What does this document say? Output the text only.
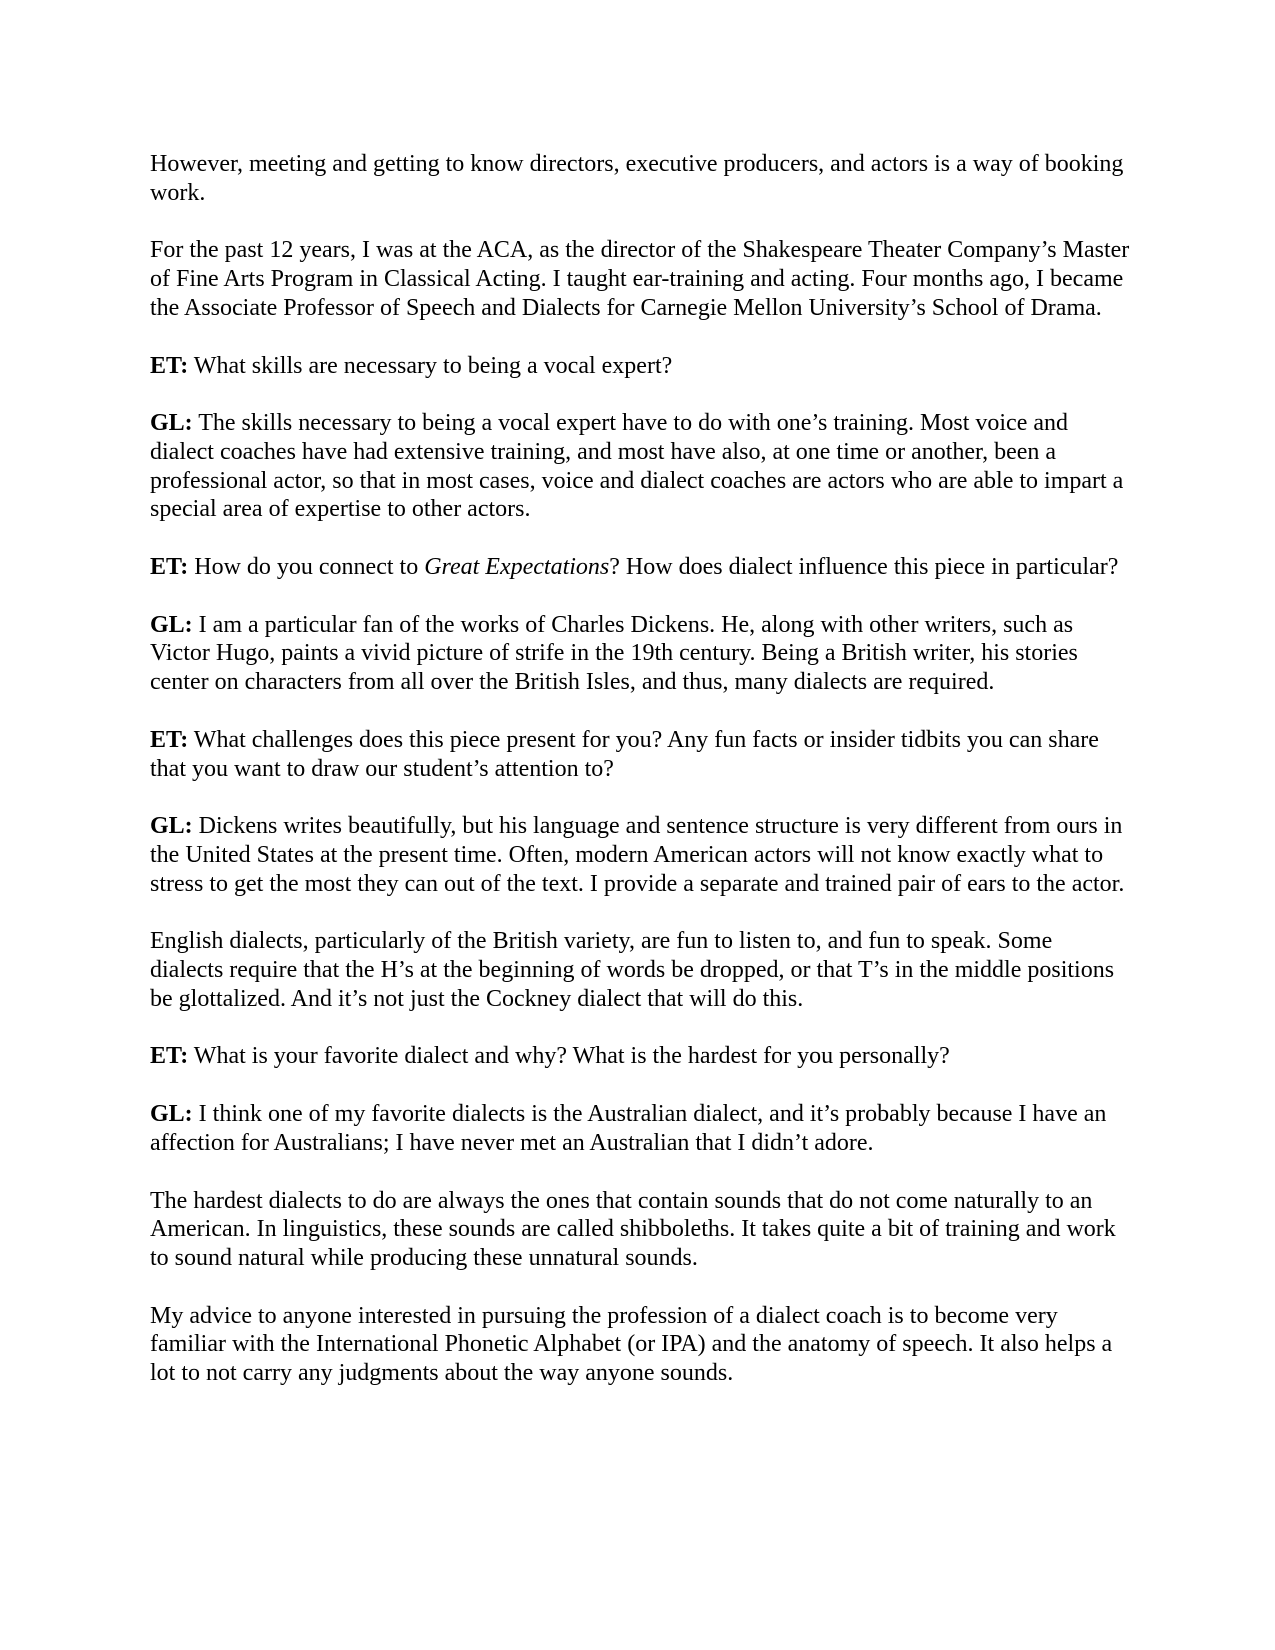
However, meeting and getting to know directors, executive producers, and actors is a way of booking work.

For the past 12 years, I was at the ACA, as the director of the Shakespeare Theater Company’s Master of Fine Arts Program in Classical Acting. I taught ear-training and acting. Four months ago, I became the Associate Professor of Speech and Dialects for Carnegie Mellon University’s School of Drama.

ET: What skills are necessary to being a vocal expert?

GL: The skills necessary to being a vocal expert have to do with one’s training. Most voice and dialect coaches have had extensive training, and most have also, at one time or another, been a professional actor, so that in most cases, voice and dialect coaches are actors who are able to impart a special area of expertise to other actors.

ET: How do you connect to Great Expectations? How does dialect influence this piece in particular?

GL: I am a particular fan of the works of Charles Dickens. He, along with other writers, such as Victor Hugo, paints a vivid picture of strife in the 19th century. Being a British writer, his stories center on characters from all over the British Isles, and thus, many dialects are required.

ET: What challenges does this piece present for you? Any fun facts or insider tidbits you can share that you want to draw our student’s attention to?

GL: Dickens writes beautifully, but his language and sentence structure is very different from ours in the United States at the present time. Often, modern American actors will not know exactly what to stress to get the most they can out of the text. I provide a separate and trained pair of ears to the actor.

English dialects, particularly of the British variety, are fun to listen to, and fun to speak. Some dialects require that the H’s at the beginning of words be dropped, or that T’s in the middle positions be glottalized. And it’s not just the Cockney dialect that will do this.

ET: What is your favorite dialect and why? What is the hardest for you personally?

GL: I think one of my favorite dialects is the Australian dialect, and it’s probably because I have an affection for Australians; I have never met an Australian that I didn’t adore.

The hardest dialects to do are always the ones that contain sounds that do not come naturally to an American. In linguistics, these sounds are called shibboleths. It takes quite a bit of training and work to sound natural while producing these unnatural sounds.

My advice to anyone interested in pursuing the profession of a dialect coach is to become very familiar with the International Phonetic Alphabet (or IPA) and the anatomy of speech. It also helps a lot to not carry any judgments about the way anyone sounds.
